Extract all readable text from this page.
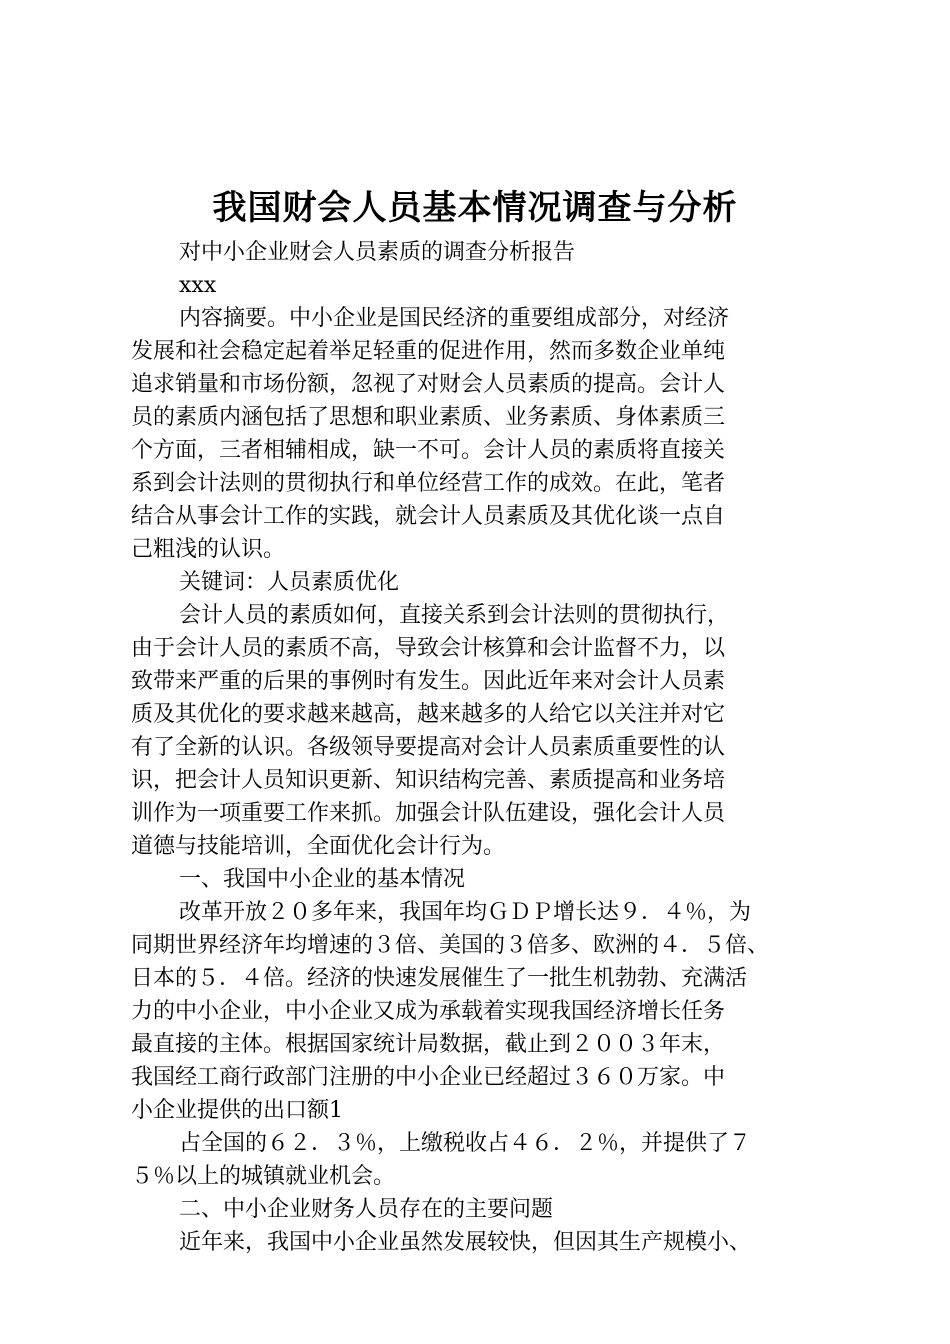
我国财会人员基本情况调查与分析
对中小企业财会人员素质的调查分析报告
xxx
内容摘要。中小企业是国民经济的重要组成部分，对经济
发展和社会稳定起着举足轻重的促进作用，然而多数企业单纯
追求销量和市场份额，忽视了对财会人员素质的提高。会计人
员的素质内涵包括了思想和职业素质、业务素质、身体素质三
个方面，三者相辅相成，缺一不可。会计人员的素质将直接关
系到会计法则的贯彻执行和单位经营工作的成效。在此，笔者
结合从事会计工作的实践，就会计人员素质及其优化谈一点自
己粗浅的认识。
关键词：人员素质优化
会计人员的素质如何，直接关系到会计法则的贯彻执行，
由于会计人员的素质不高，导致会计核算和会计监督不力，以
致带来严重的后果的事例时有发生。因此近年来对会计人员素
质及其优化的要求越来越高，越来越多的人给它以关注并对它
有了全新的认识。各级领导要提高对会计人员素质重要性的认
识，把会计人员知识更新、知识结构完善、素质提高和业务培
训作为一项重要工作来抓。加强会计队伍建设，强化会计人员
道德与技能培训，全面优化会计行为。
一、我国中小企业的基本情况
改革开放２０多年来，我国年均ＧＤＰ增长达９．４％，为
同期世界经济年均增速的３倍、美国的３倍多、欧洲的４．５倍、
日本的５．４倍。经济的快速发展催生了一批生机勃勃、充满活
力的中小企业，中小企业又成为承载着实现我国经济增长任务
最直接的主体。根据国家统计局数据，截止到２００３年末，
我国经工商行政部门注册的中小企业已经超过３６０万家。中
小企业提供的出口额1
占全国的６２．３％，上缴税收占４６．２％，并提供了７
５％以上的城镇就业机会。
二、中小企业财务人员存在的主要问题
近年来，我国中小企业虽然发展较快，但因其生产规模小、
